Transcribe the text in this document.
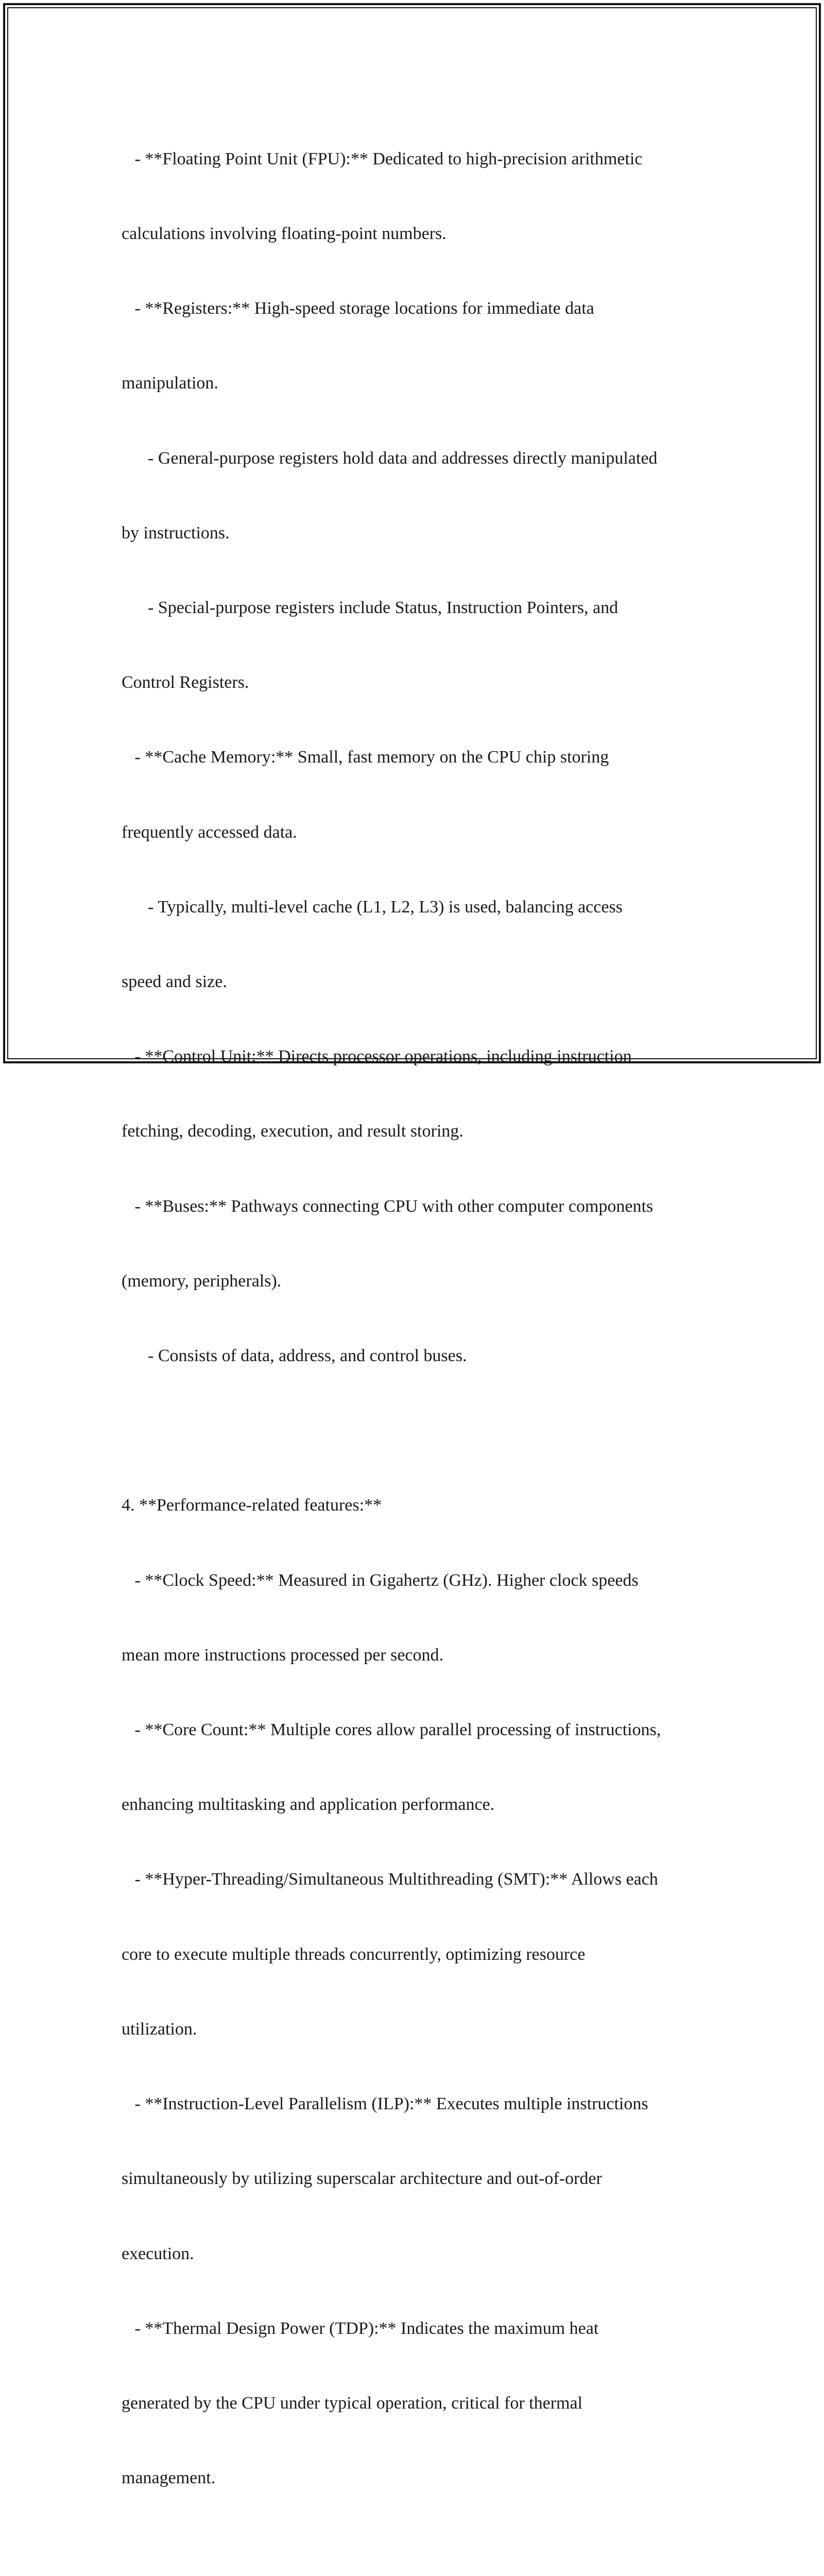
- **Floating Point Unit (FPU):** Dedicated to high-precision arithmetic

calculations involving floating-point numbers.

- **Registers:** High-speed storage locations for immediate data

manipulation.

- General-purpose registers hold data and addresses directly manipulated

by instructions.

- Special-purpose registers include Status, Instruction Pointers, and

Control Registers.

- **Cache Memory:** Small, fast memory on the CPU chip storing

frequently accessed data.

- Typically, multi-level cache (L1, L2, L3) is used, balancing access

speed and size.

- **Control Unit:** Directs processor operations, including instruction

fetching, decoding, execution, and result storing.

- **Buses:** Pathways connecting CPU with other computer components

(memory, peripherals).

- Consists of data, address, and control buses.

4. **Performance-related features:**

- **Clock Speed:** Measured in Gigahertz (GHz). Higher clock speeds

mean more instructions processed per second.

- **Core Count:** Multiple cores allow parallel processing of instructions,

enhancing multitasking and application performance.

- **Hyper-Threading/Simultaneous Multithreading (SMT):** Allows each

core to execute multiple threads concurrently, optimizing resource

utilization.

- **Instruction-Level Parallelism (ILP):** Executes multiple instructions

simultaneously by utilizing superscalar architecture and out-of-order

execution.

- **Thermal Design Power (TDP):** Indicates the maximum heat

generated by the CPU under typical operation, critical for thermal

management.
